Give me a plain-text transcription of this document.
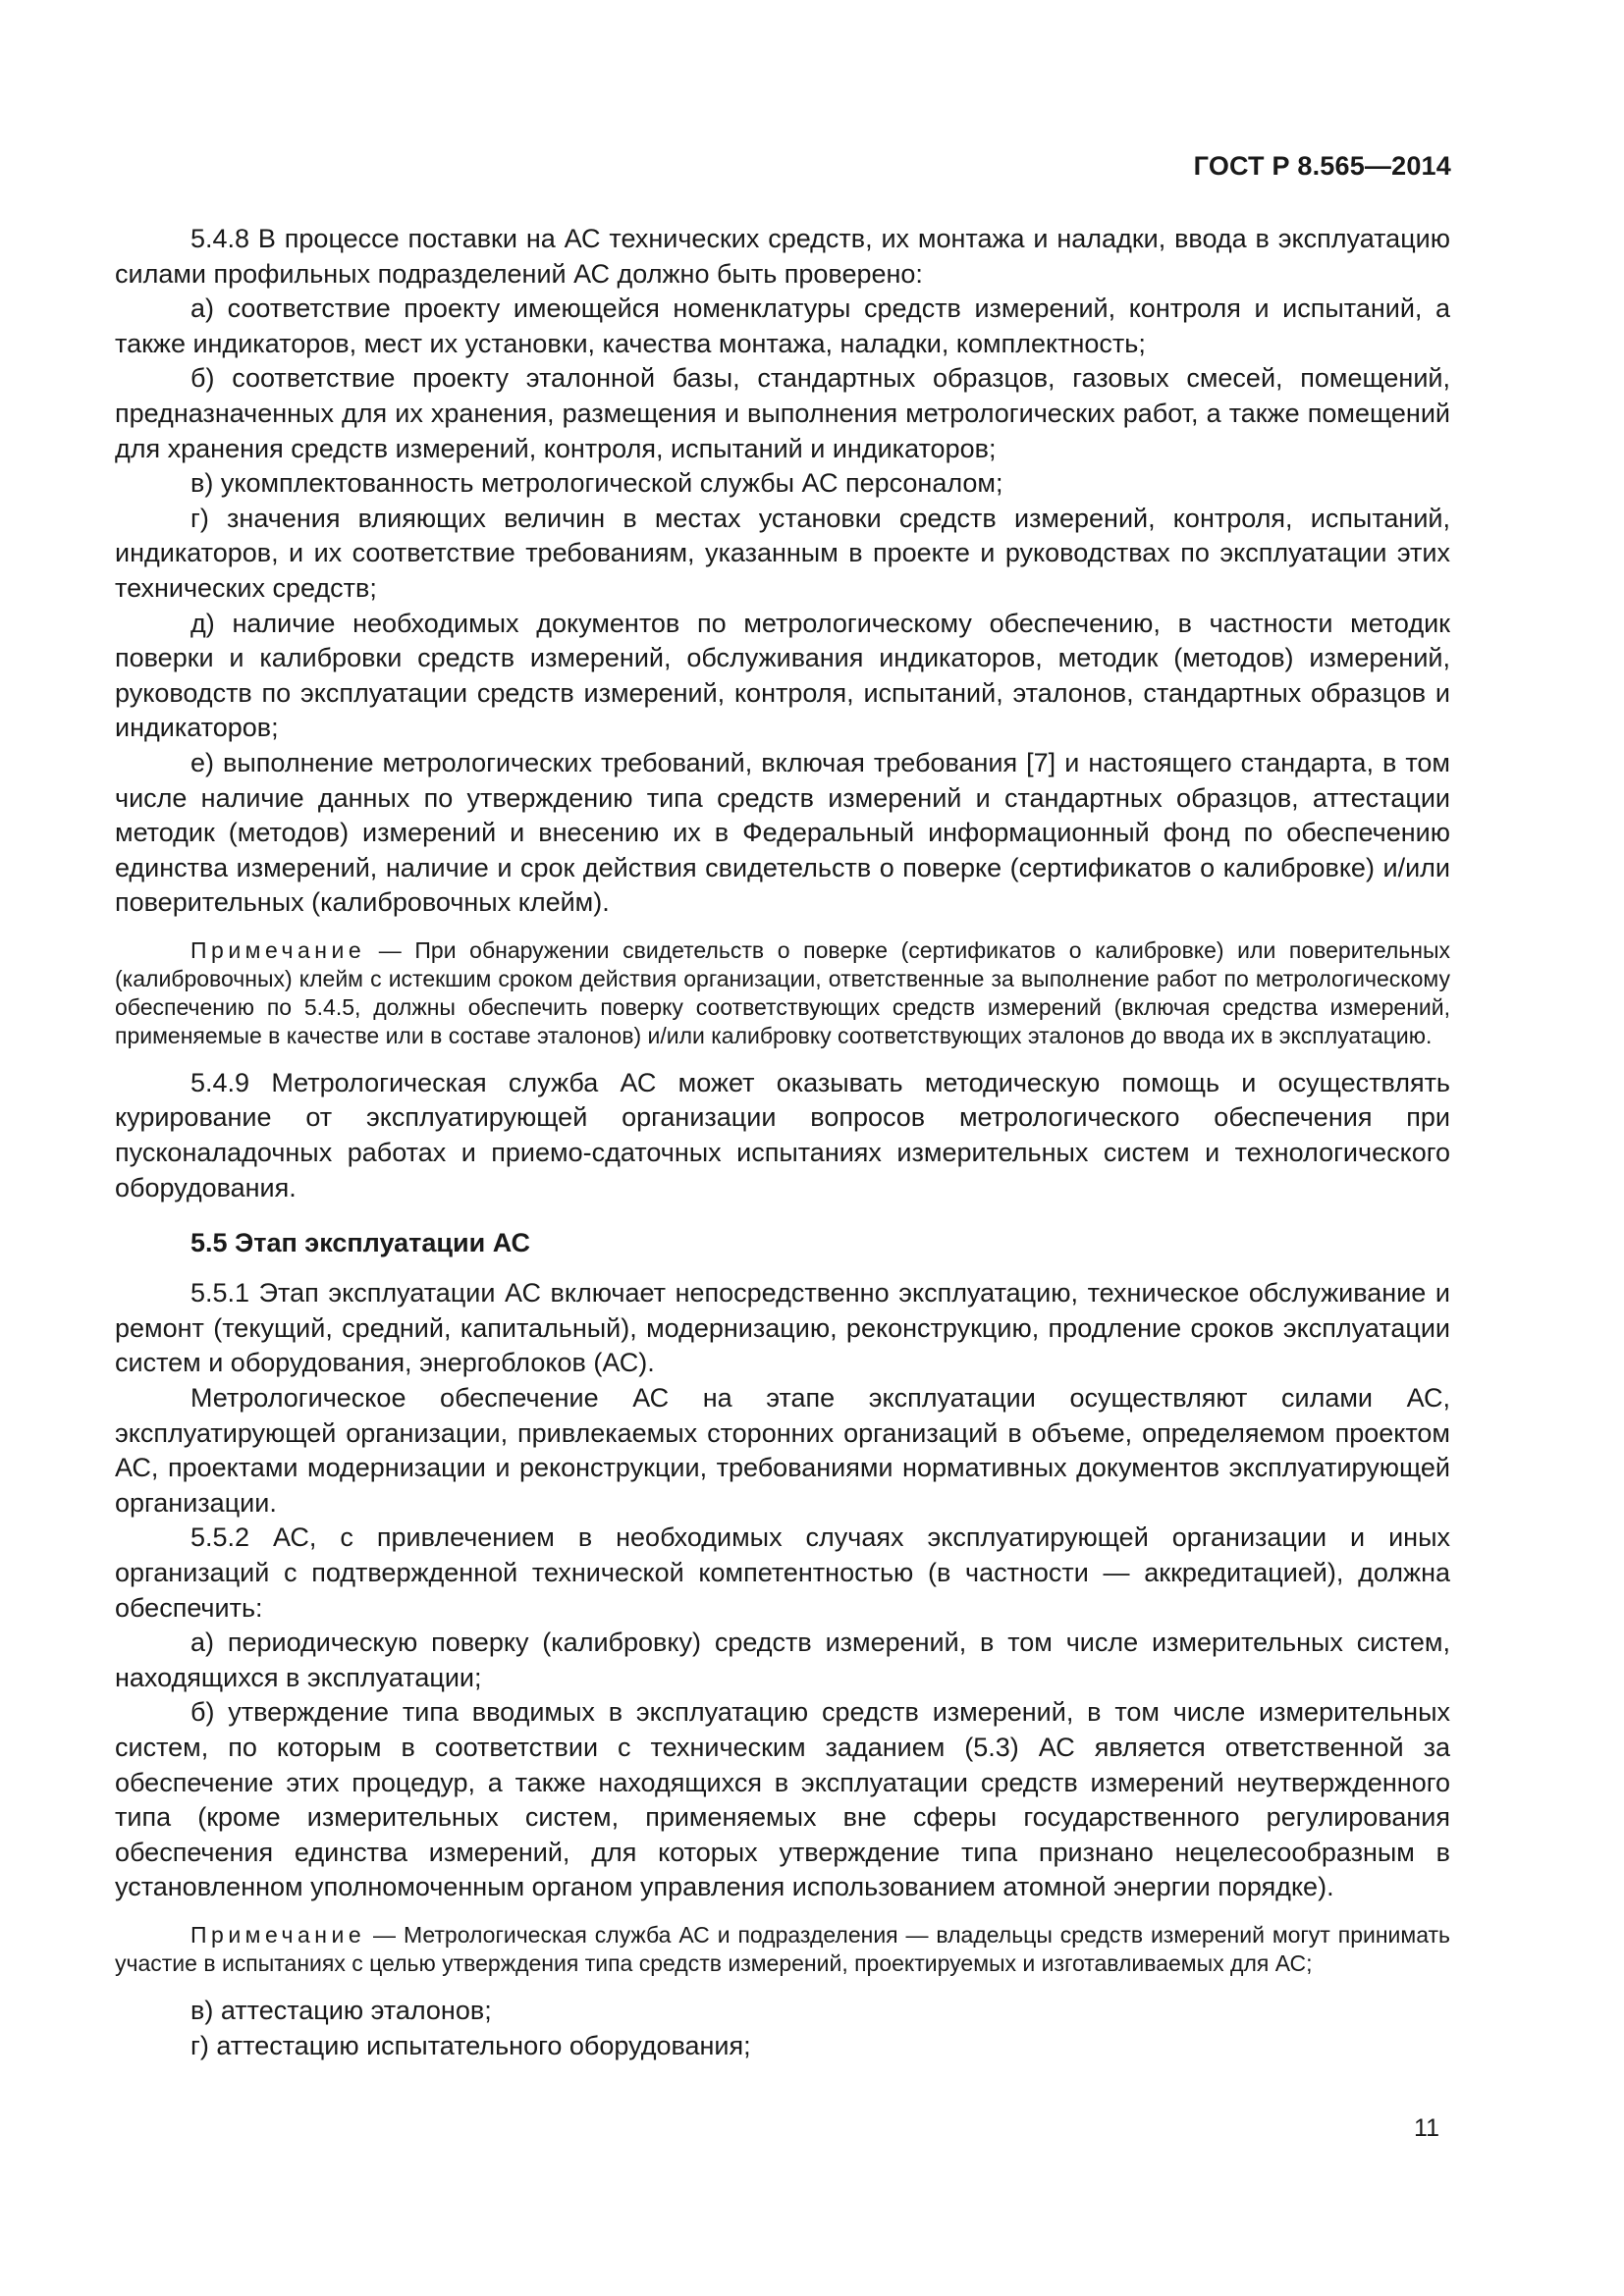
ГОСТ Р 8.565—2014

5.4.8 В процессе поставки на АС технических средств, их монтажа и наладки, ввода в эксплуатацию силами профильных подразделений АС должно быть проверено:

а) соответствие проекту имеющейся номенклатуры средств измерений, контроля и испытаний, а также индикаторов, мест их установки, качества монтажа, наладки, комплектность;

б) соответствие проекту эталонной базы, стандартных образцов, газовых смесей, помещений, предназначенных для их хранения, размещения и выполнения метрологических работ, а также помещений для хранения средств измерений, контроля, испытаний и индикаторов;

в) укомплектованность метрологической службы АС персоналом;

г) значения влияющих величин в местах установки средств измерений, контроля, испытаний, индикаторов, и их соответствие требованиям, указанным в проекте и руководствах по эксплуатации этих технических средств;

д) наличие необходимых документов по метрологическому обеспечению, в частности методик поверки и калибровки средств измерений, обслуживания индикаторов, методик (методов) измерений, руководств по эксплуатации средств измерений, контроля, испытаний, эталонов, стандартных образцов и индикаторов;

е) выполнение метрологических требований, включая требования [7] и настоящего стандарта, в том числе наличие данных по утверждению типа средств измерений и стандартных образцов, аттестации методик (методов) измерений и внесению их в Федеральный информационный фонд по обеспечению единства измерений, наличие и срок действия свидетельств о поверке (сертификатов о калибровке) и/или поверительных (калибровочных клейм).

Примечание — При обнаружении свидетельств о поверке (сертификатов о калибровке) или поверительных (калибровочных) клейм с истекшим сроком действия организации, ответственные за выполнение работ по метрологическому обеспечению по 5.4.5, должны обеспечить поверку соответствующих средств измерений (включая средства измерений, применяемые в качестве или в составе эталонов) и/или калибровку соответствующих эталонов до ввода их в эксплуатацию.

5.4.9 Метрологическая служба АС может оказывать методическую помощь и осуществлять курирование от эксплуатирующей организации вопросов метрологического обеспечения при пусконаладочных работах и приемо-сдаточных испытаниях измерительных систем и технологического оборудования.

5.5 Этап эксплуатации АС

5.5.1 Этап эксплуатации АС включает непосредственно эксплуатацию, техническое обслуживание и ремонт (текущий, средний, капитальный), модернизацию, реконструкцию, продление сроков эксплуатации систем и оборудования, энергоблоков (АС).

Метрологическое обеспечение АС на этапе эксплуатации осуществляют силами АС, эксплуатирующей организации, привлекаемых сторонних организаций в объеме, определяемом проектом АС, проектами модернизации и реконструкции, требованиями нормативных документов эксплуатирующей организации.

5.5.2 АС, с привлечением в необходимых случаях эксплуатирующей организации и иных организаций с подтвержденной технической компетентностью (в частности — аккредитацией), должна обеспечить:

а) периодическую поверку (калибровку) средств измерений, в том числе измерительных систем, находящихся в эксплуатации;

б) утверждение типа вводимых в эксплуатацию средств измерений, в том числе измерительных систем, по которым в соответствии с техническим заданием (5.3) АС является ответственной за обеспечение этих процедур, а также находящихся в эксплуатации средств измерений неутвержденного типа (кроме измерительных систем, применяемых вне сферы государственного регулирования обеспечения единства измерений, для которых утверждение типа признано нецелесообразным в установленном уполномоченным органом управления использованием атомной энергии порядке).

Примечание — Метрологическая служба АС и подразделения — владельцы средств измерений могут принимать участие в испытаниях с целью утверждения типа средств измерений, проектируемых и изготавливаемых для АС;

в) аттестацию эталонов;

г) аттестацию испытательного оборудования;

11
